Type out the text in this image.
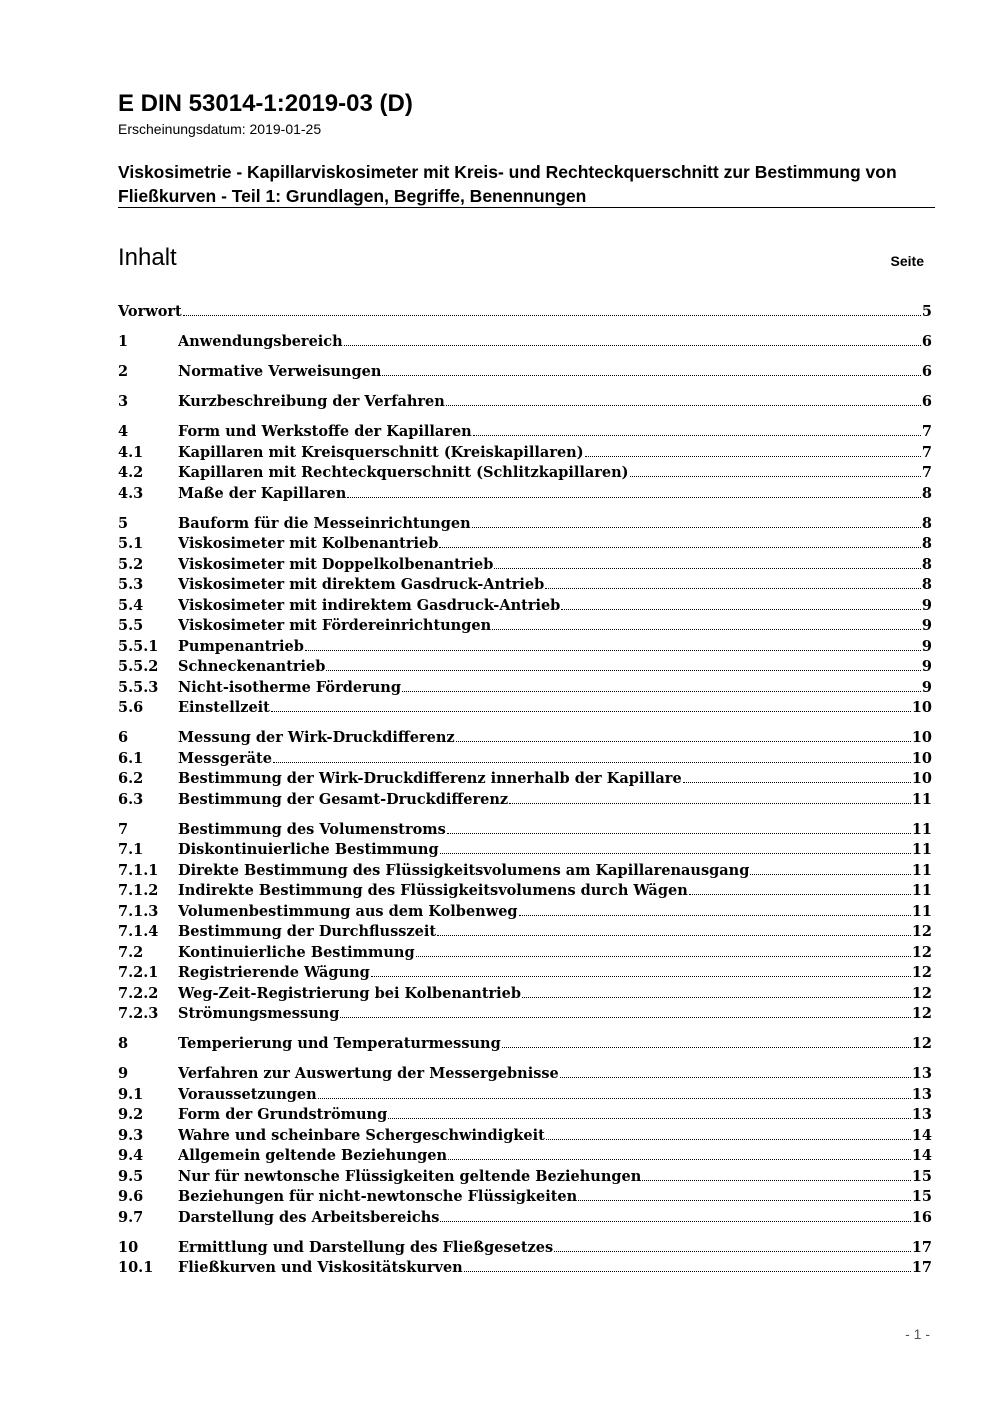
E DIN 53014-1:2019-03 (D)
Erscheinungsdatum: 2019-01-25
Viskosimetrie - Kapillarviskosimeter mit Kreis- und Rechteckquerschnitt zur Bestimmung von Fließkurven - Teil 1: Grundlagen, Begriffe, Benennungen
Inhalt	Seite
Vorwort	5
1	Anwendungsbereich	6
2	Normative Verweisungen	6
3	Kurzbeschreibung der Verfahren	6
4	Form und Werkstoffe der Kapillaren	7
4.1	Kapillaren mit Kreisquerschnitt (Kreiskapillaren)	7
4.2	Kapillaren mit Rechteckquerschnitt (Schlitzkapillaren)	7
4.3	Maße der Kapillaren	8
5	Bauform für die Messeinrichtungen	8
5.1	Viskosimeter mit Kolbenantrieb	8
5.2	Viskosimeter mit Doppelkolbenantrieb	8
5.3	Viskosimeter mit direktem Gasdruck-Antrieb	8
5.4	Viskosimeter mit indirektem Gasdruck-Antrieb	9
5.5	Viskosimeter mit Fördereinrichtungen	9
5.5.1	Pumpenantrieb	9
5.5.2	Schneckenantrieb	9
5.5.3	Nicht-isotherme Förderung	9
5.6	Einstellzeit	10
6	Messung der Wirk-Druckdifferenz	10
6.1	Messgeräte	10
6.2	Bestimmung der Wirk-Druckdifferenz innerhalb der Kapillare	10
6.3	Bestimmung der Gesamt-Druckdifferenz	11
7	Bestimmung des Volumenstroms	11
7.1	Diskontinuierliche Bestimmung	11
7.1.1	Direkte Bestimmung des Flüssigkeitsvolumens am Kapillarenausgang	11
7.1.2	Indirekte Bestimmung des Flüssigkeitsvolumens durch Wägen	11
7.1.3	Volumenbestimmung aus dem Kolbenweg	11
7.1.4	Bestimmung der Durchflusszeit	12
7.2	Kontinuierliche Bestimmung	12
7.2.1	Registrierende Wägung	12
7.2.2	Weg-Zeit-Registrierung bei Kolbenantrieb	12
7.2.3	Strömungsmessung	12
8	Temperierung und Temperaturmessung	12
9	Verfahren zur Auswertung der Messergebnisse	13
9.1	Voraussetzungen	13
9.2	Form der Grundströmung	13
9.3	Wahre und scheinbare Schergeschwindigkeit	14
9.4	Allgemein geltende Beziehungen	14
9.5	Nur für newtonsche Flüssigkeiten geltende Beziehungen	15
9.6	Beziehungen für nicht-newtonsche Flüssigkeiten	15
9.7	Darstellung des Arbeitsbereichs	16
10	Ermittlung und Darstellung des Fließgesetzes	17
10.1	Fließkurven und Viskositätskurven	17
- 1 -
